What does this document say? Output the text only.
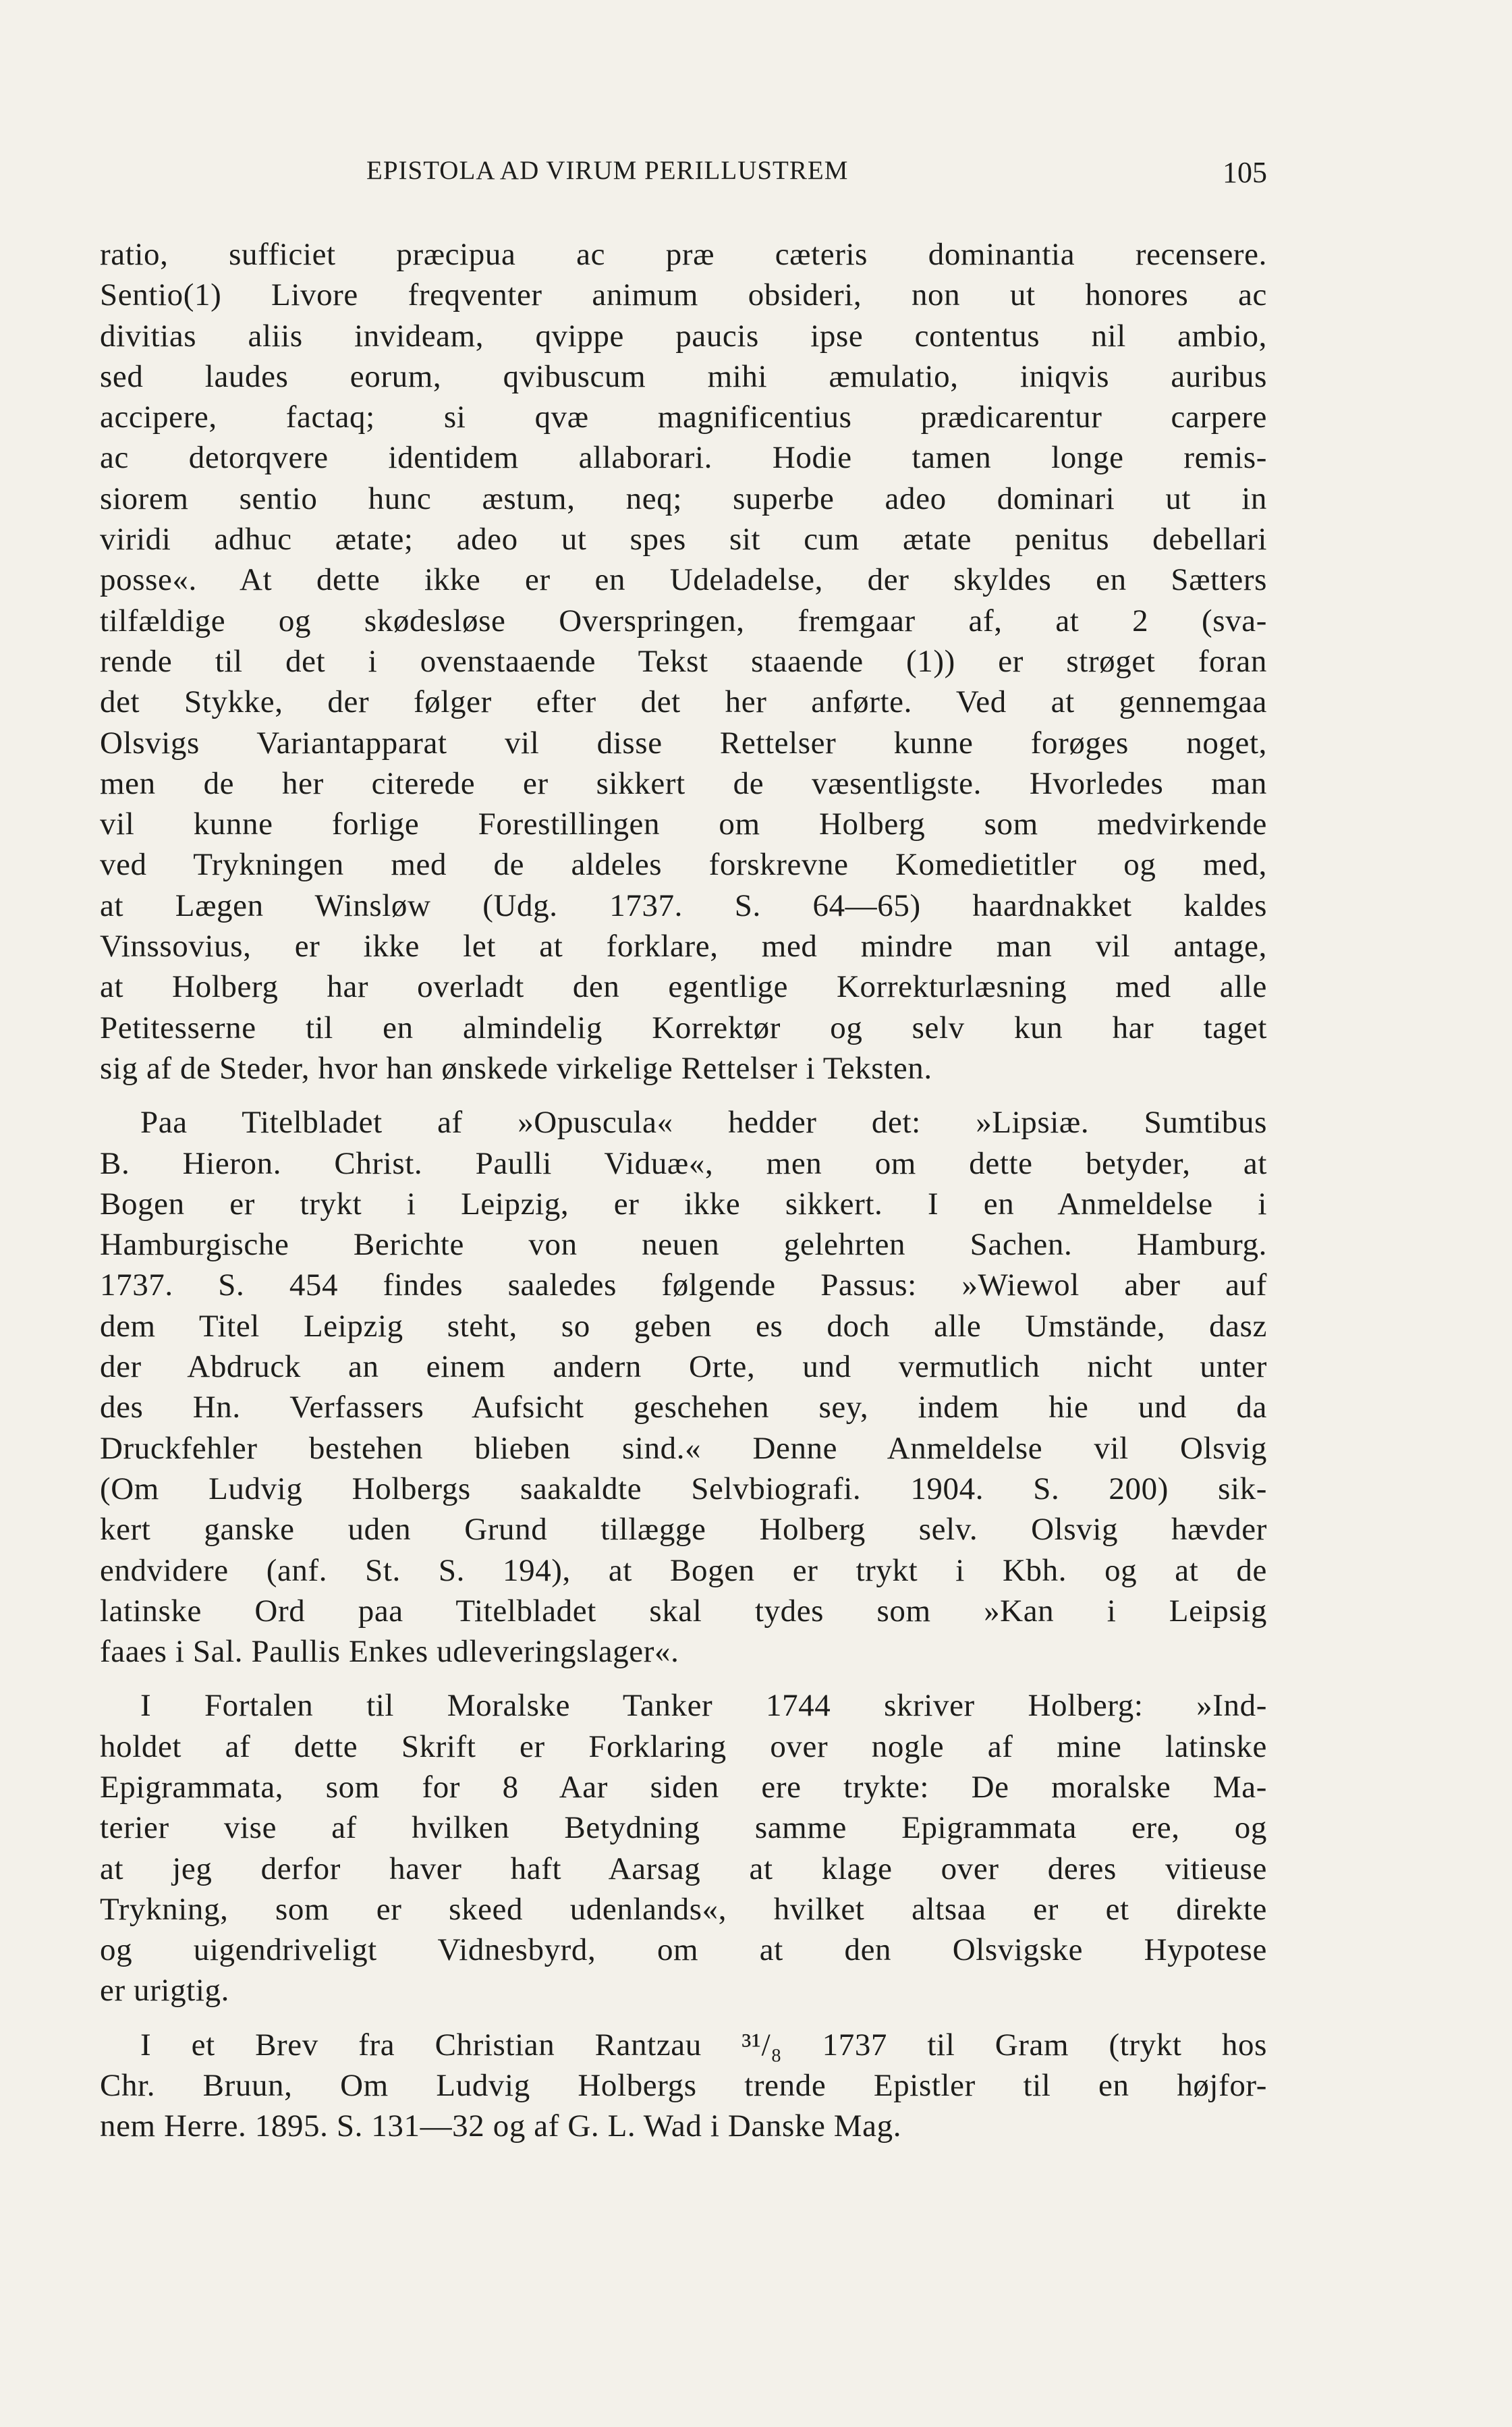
EPISTOLA AD VIRUM PERILLUSTREM	105
ratio, sufficiet præcipua ac præ cæteris dominantia recensere.
Sentio(1) Livore freqventer animum obsideri, non ut honores ac
divitias aliis invideam, qvippe paucis ipse contentus nil ambio,
sed laudes eorum, qvibuscum mihi æmulatio, iniqvis auribus
accipere, factaq; si qvæ magnificentius prædicarentur carpere
ac detorqvere identidem allaborari. Hodie tamen longe remis-
siorem sentio hunc æstum, neq; superbe adeo dominari ut in
viridi adhuc ætate; adeo ut spes sit cum ætate penitus debellari
posse«. At dette ikke er en Udeladelse, der skyldes en Sætters
tilfældige og skødesløse Overspringen, fremgaar af, at 2 (sva-
rende til det i ovenstaaende Tekst staaende (1)) er strøget foran
det Stykke, der følger efter det her anførte. Ved at gennemgaa
Olsvigs Variantapparat vil disse Rettelser kunne forøges noget,
men de her citerede er sikkert de væsentligste. Hvorledes man
vil kunne forlige Forestillingen om Holberg som medvirkende
ved Trykningen med de aldeles forskrevne Komedietitler og med,
at Lægen Winsløw (Udg. 1737. S. 64—65) haardnakket kaldes
Vinssovius, er ikke let at forklare, med mindre man vil antage,
at Holberg har overladt den egentlige Korrekturlæsning med alle
Petitesserne til en almindelig Korrektør og selv kun har taget
sig af de Steder, hvor han ønskede virkelige Rettelser i Teksten.
Paa Titelbladet af »Opuscula« hedder det: »Lipsiæ. Sumtibus
B. Hieron. Christ. Paulli Viduæ«, men om dette betyder, at
Bogen er trykt i Leipzig, er ikke sikkert. I en Anmeldelse i
Hamburgische Berichte von neuen gelehrten Sachen. Hamburg.
1737. S. 454 findes saaledes følgende Passus: »Wiewol aber auf
dem Titel Leipzig steht, so geben es doch alle Umstände, dasz
der Abdruck an einem andern Orte, und vermutlich nicht unter
des Hn. Verfassers Aufsicht geschehen sey, indem hie und da
Druckfehler bestehen blieben sind.« Denne Anmeldelse vil Olsvig
(Om Ludvig Holbergs saakaldte Selvbiografi. 1904. S. 200) sik-
kert ganske uden Grund tillægge Holberg selv. Olsvig hævder
endvidere (anf. St. S. 194), at Bogen er trykt i Kbh. og at de
latinske Ord paa Titelbladet skal tydes som »Kan i Leipsig
faaes i Sal. Paullis Enkes udleveringslager«.
I Fortalen til Moralske Tanker 1744 skriver Holberg: »Ind-
holdet af dette Skrift er Forklaring over nogle af mine latinske
Epigrammata, som for 8 Aar siden ere trykte: De moralske Ma-
terier vise af hvilken Betydning samme Epigrammata ere, og
at jeg derfor haver haft Aarsag at klage over deres vitieuse
Trykning, som er skeed udenlands«, hvilket altsaa er et direkte
og uigendriveligt Vidnesbyrd, om at den Olsvigske Hypotese
er urigtig.
I et Brev fra Christian Rantzau ³¹/₈ 1737 til Gram (trykt hos
Chr. Bruun, Om Ludvig Holbergs trende Epistler til en højfor-
nem Herre. 1895. S. 131—32 og af G. L. Wad i Danske Mag.
